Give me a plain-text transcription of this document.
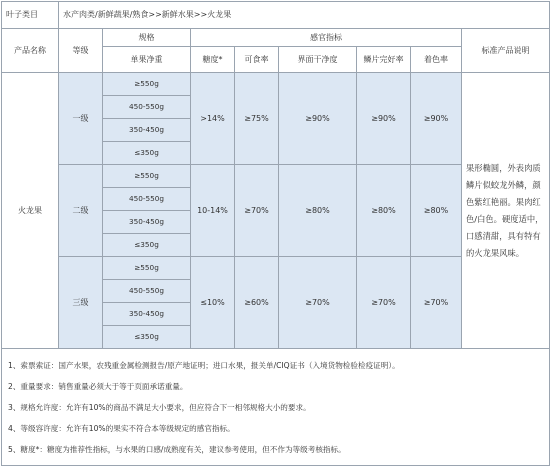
叶子类目	水产肉类/新鲜蔬果/熟食>>新鲜水果>>火龙果							
产品名称	等级	规格	感官指标					标准产品说明
		单果净重	糖度*	可食率	界面干净度	鳞片完好率	着色率	
火龙果	一级	≥550g	>14%	≥75%	≥90%	≥90%	≥90%	果形椭圆，外表肉质鳞片似蛟龙外鳞，颜色紫红艳丽。果肉红色/白色。硬度适中，口感清甜，具有特有的火龙果风味。
		450-550g						
		350-450g						
		≤350g						
	二级	≥550g	10-14%	≥70%	≥80%	≥80%	≥80%	
		450-550g						
		350-450g						
		≤350g						
	三级	≥550g	≤10%	≥60%	≥70%	≥70%	≥70%	
		450-550g						
		350-450g						
		≤350g						

1、索票索证：国产水果，农残重金属检测报告/原产地证明；进口水果，报关单/CIQ证书（入境货物检验检疫证明）。
2、重量要求：销售重量必须大于等于页面承诺重量。
3、规格允许度：允许有10%的商品不满足大小要求，但应符合下一相邻规格大小的要求。
4、等级容许度：允许有10%的果实不符合本等级规定的感官指标。
5、糖度*：糖度为推荐性指标，与水果的口感/成熟度有关，建议参考使用，但不作为等级考核指标。								
